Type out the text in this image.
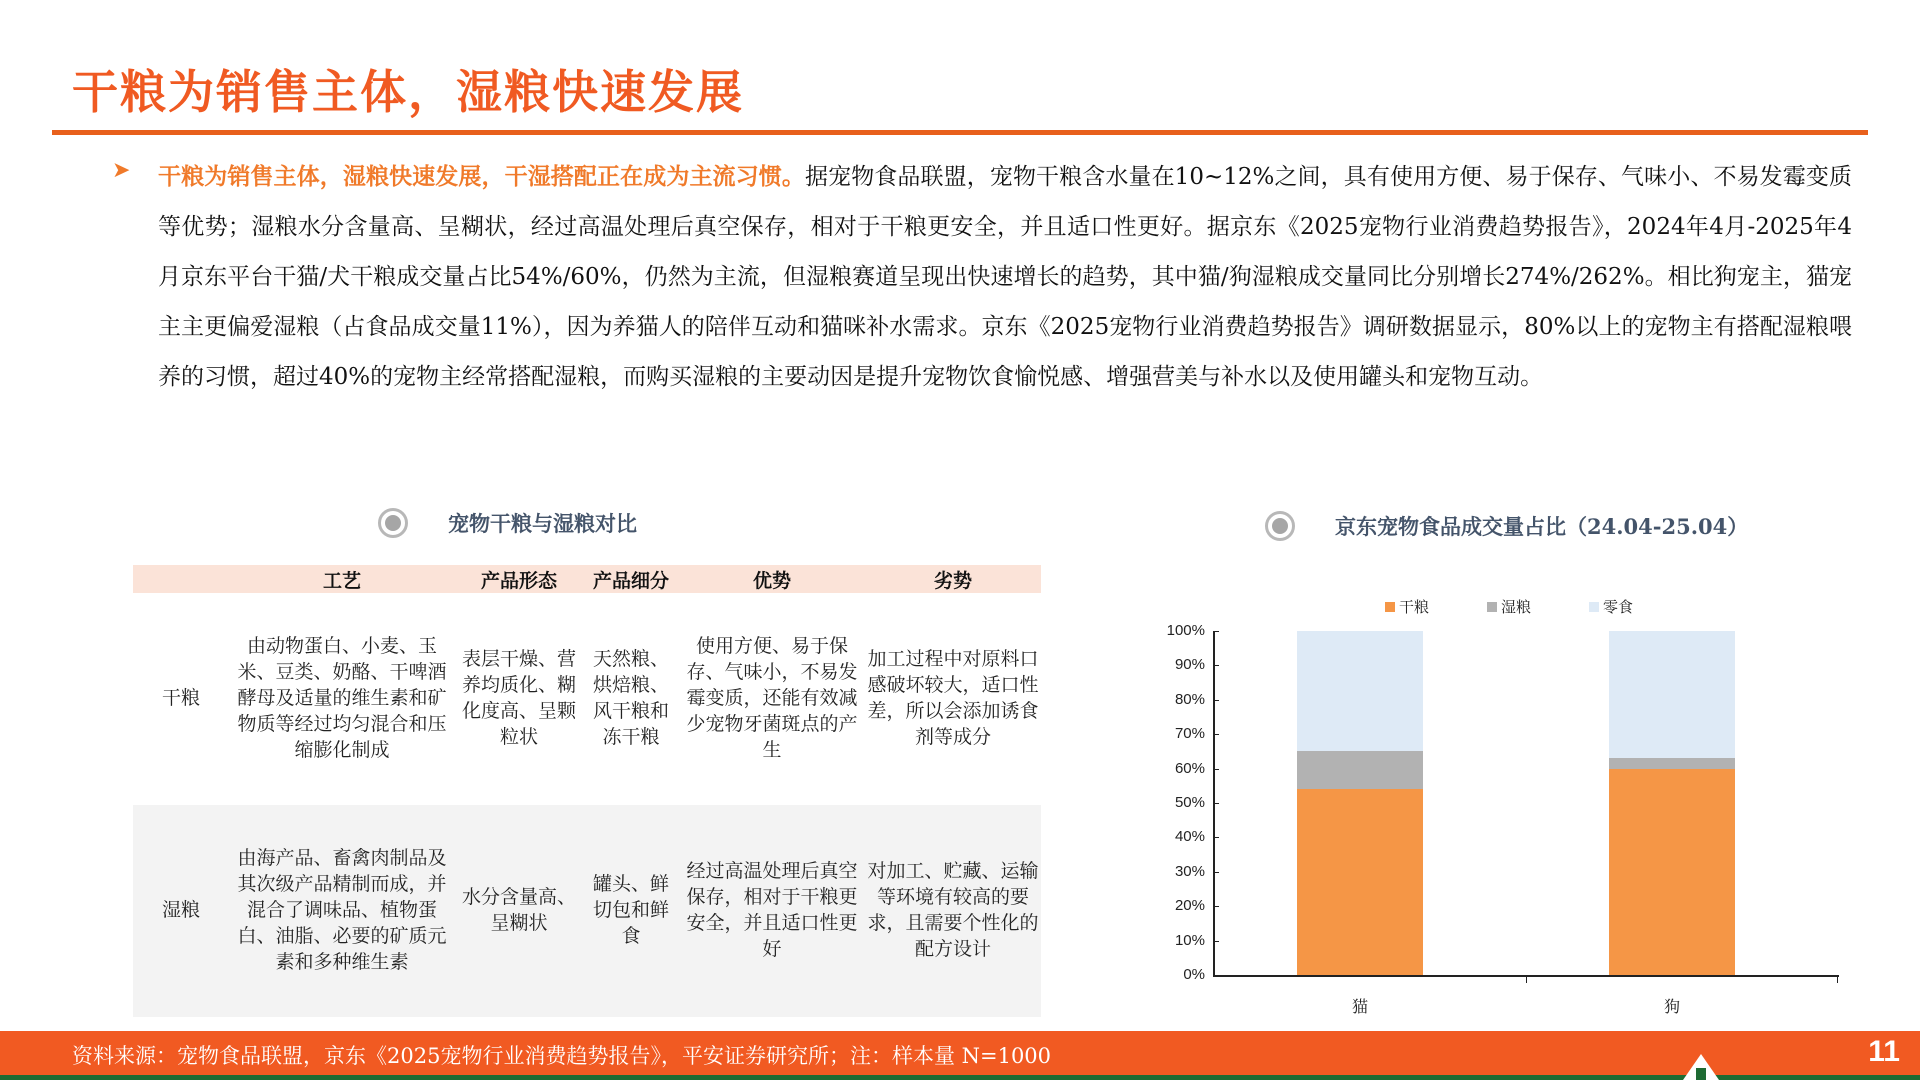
干粮为销售主体，湿粮快速发展
➤ 干粮为销售主体，湿粮快速发展，干湿搭配正在成为主流习惯。据宠物食品联盟，宠物干粮含水量在10~12%之间，具有使用方便、易于保存、气味小、不易发霉变质等优势；湿粮水分含量高、呈糊状，经过高温处理后真空保存，相对于干粮更安全，并且适口性更好。据京东《2025宠物行业消费趋势报告》，2024年4月-2025年4月京东平台干猫/犬干粮成交量占比54%/60%，仍然为主流，但湿粮赛道呈现出快速增长的趋势，其中猫/狗湿粮成交量同比分别增长274%/262%。相比狗宠主，猫宠主主更偏爱湿粮（占食品成交量11%），因为养猫人的陪伴互动和猫咪补水需求。京东《2025宠物行业消费趋势报告》调研数据显示，80%以上的宠物主有搭配湿粮喂养的习惯，超过40%的宠物主经常搭配湿粮，而购买湿粮的主要动因是提升宠物饮食愉悦感、增强营美与补水以及使用罐头和宠物互动。

宠物干粮与湿粮对比
	工艺	产品形态	产品细分	优势	劣势
干粮	由动物蛋白、小麦、玉米、豆类、奶酪、干啤酒酵母及适量的维生素和矿物质等经过均匀混合和压缩膨化制成	表层干燥、营养均质化、糊化度高、呈颗粒状	天然粮、烘焙粮、风干粮和冻干粮	使用方便、易于保存、气味小，不易发霉变质，还能有效减少宠物牙菌斑点的产生	加工过程中对原料口感破坏较大，适口性差，所以会添加诱食剂等成分
湿粮	由海产品、畜禽肉制品及其次级产品精制而成，并混合了调味品、植物蛋白、油脂、必要的矿质元素和多种维生素	水分含量高、呈糊状	罐头、鲜切包和鲜食	经过高温处理后真空保存，相对于干粮更安全，并且适口性更好	对加工、贮藏、运输等环境有较高的要求，且需要个性化的配方设计
京东宠物食品成交量占比（24.04-25.04）
干粮	湿粮	零食
0%
10%
20%
30%
40%
50%
60%
70%
80%
90%
100%
猫	狗
资料来源：宠物食品联盟，京东《2025宠物行业消费趋势报告》，平安证券研究所；注：样本量 N=1000	11
